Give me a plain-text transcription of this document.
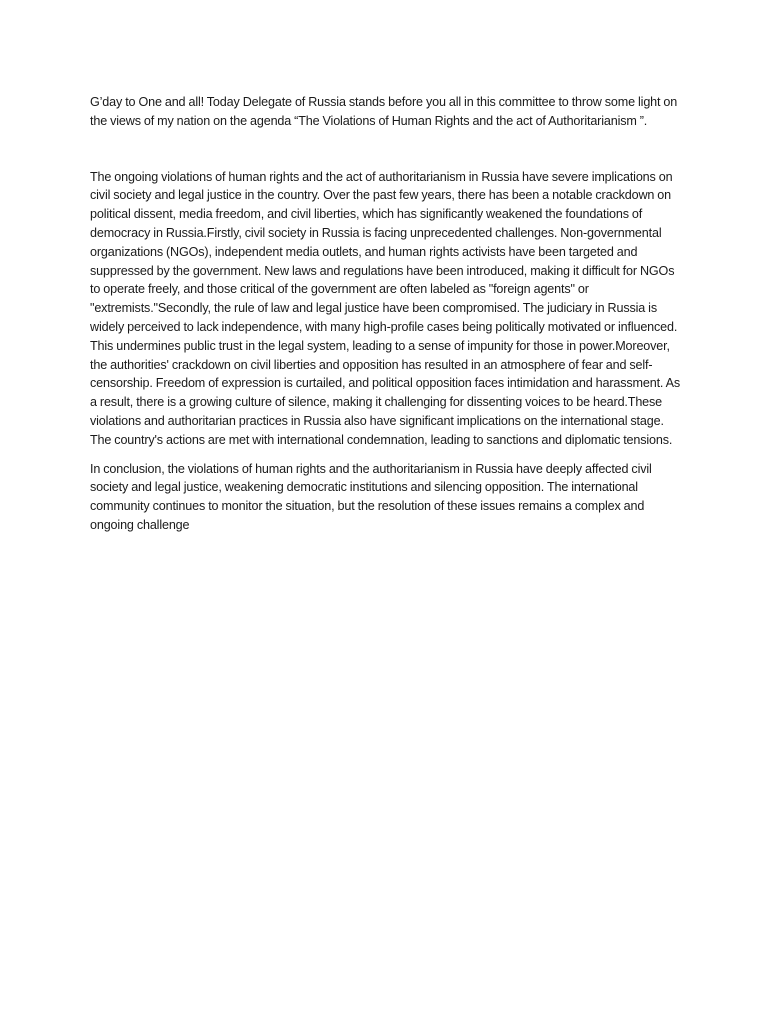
G’day to One and all! Today Delegate of Russia stands before you all in this committee to throw some light on the views of my nation on the agenda “The Violations of Human Rights and the act of Authoritarianism ”.

The ongoing violations of human rights and the act of authoritarianism in Russia have severe implications on civil society and legal justice in the country. Over the past few years, there has been a notable crackdown on political dissent, media freedom, and civil liberties, which has significantly weakened the foundations of democracy in Russia.Firstly, civil society in Russia is facing unprecedented challenges. Non-governmental organizations (NGOs), independent media outlets, and human rights activists have been targeted and suppressed by the government. New laws and regulations have been introduced, making it difficult for NGOs to operate freely, and those critical of the government are often labeled as "foreign agents" or "extremists."Secondly, the rule of law and legal justice have been compromised. The judiciary in Russia is widely perceived to lack independence, with many high-profile cases being politically motivated or influenced. This undermines public trust in the legal system, leading to a sense of impunity for those in power.Moreover, the authorities' crackdown on civil liberties and opposition has resulted in an atmosphere of fear and self-censorship. Freedom of expression is curtailed, and political opposition faces intimidation and harassment. As a result, there is a growing culture of silence, making it challenging for dissenting voices to be heard.These violations and authoritarian practices in Russia also have significant implications on the international stage. The country's actions are met with international condemnation, leading to sanctions and diplomatic tensions.

In conclusion, the violations of human rights and the authoritarianism in Russia have deeply affected civil society and legal justice, weakening democratic institutions and silencing opposition. The international community continues to monitor the situation, but the resolution of these issues remains a complex and ongoing challenge
